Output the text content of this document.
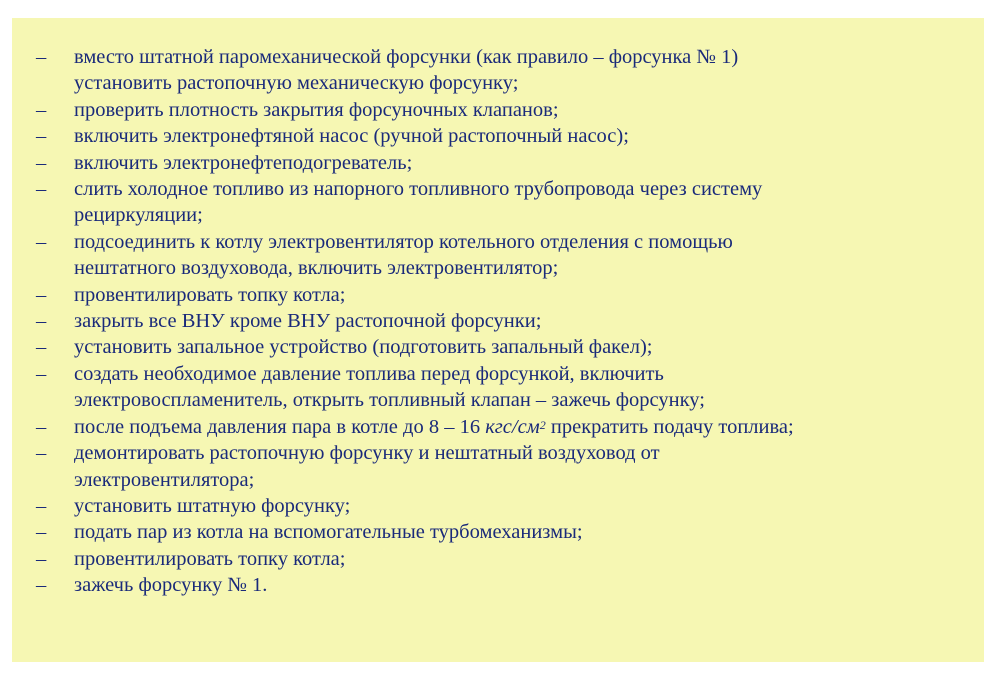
–	вместо штатной паромеханической форсунки (как правило – форсунка № 1)
установить растопочную механическую форсунку;
–	проверить плотность закрытия форсуночных клапанов;
–	включить электронефтяной насос (ручной растопочный насос);
–	включить электронефтеподогреватель;
–	слить холодное топливо из напорного топливного трубопровода через систему
рециркуляции;
–	подсоединить к котлу электровентилятор котельного отделения с помощью
нештатного воздуховода, включить электровентилятор;
–	провентилировать топку котла;
–	закрыть все ВНУ кроме ВНУ растопочной форсунки;
–	установить запальное устройство (подготовить запальный факел);
–	создать необходимое давление топлива перед форсункой, включить
электровоспламенитель, открыть топливный клапан – зажечь форсунку;
–	после подъема давления пара в котле до 8 – 16 кгс/$см^2$ прекратить подачу топлива;
–	демонтировать растопочную форсунку и нештатный воздуховод от
электровентилятора;
–	установить штатную форсунку;
–	подать пар из котла на вспомогательные турбомеханизмы;
–	провентилировать топку котла;
–	зажечь форсунку № 1.
